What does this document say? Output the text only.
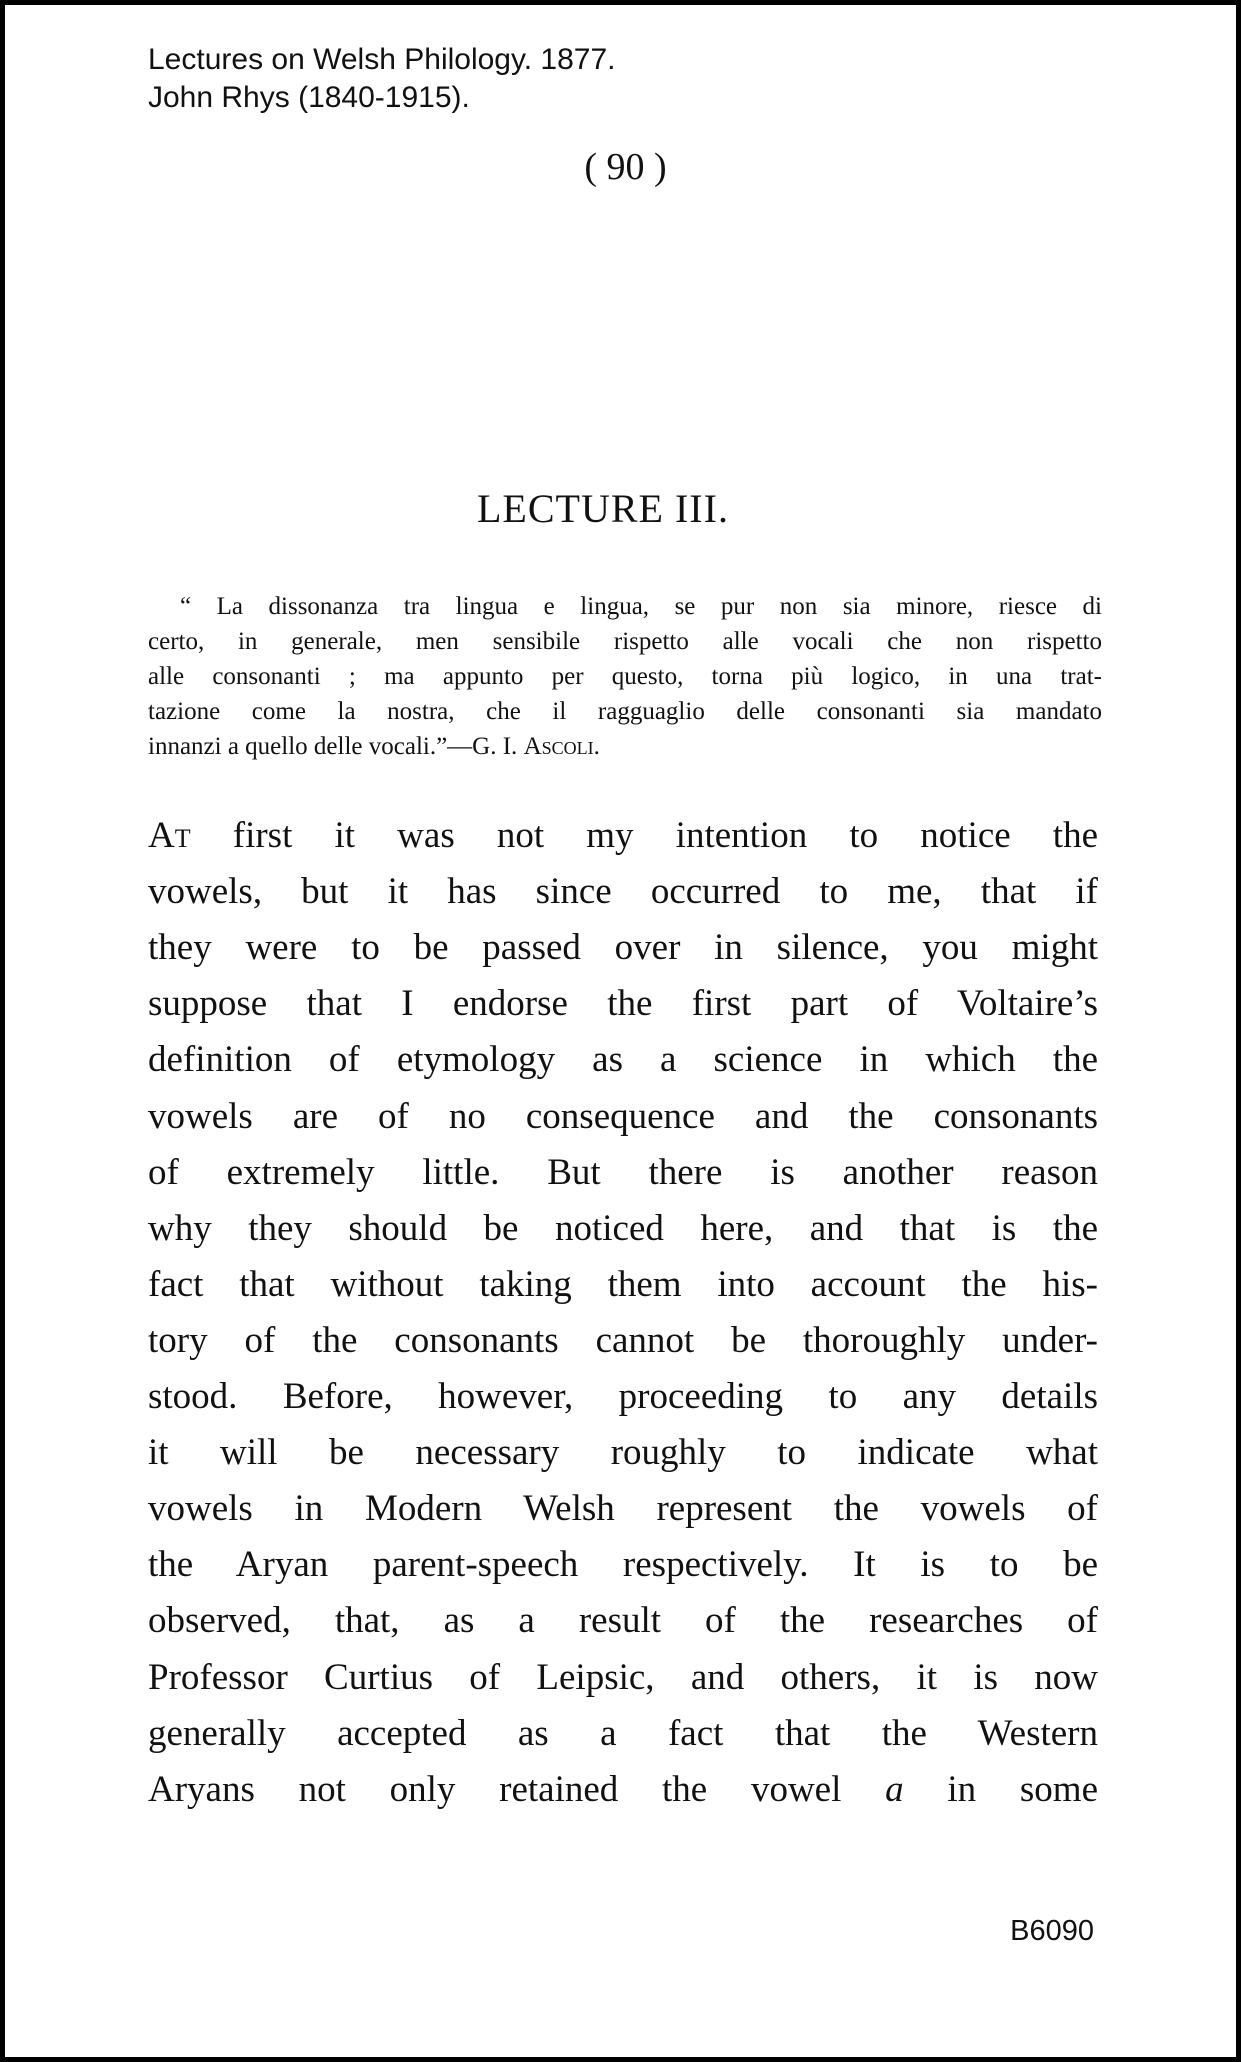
Lectures on Welsh Philology. 1877.
John Rhys (1840-1915).
( 90 )
LECTURE III.
“ La dissonanza tra lingua e lingua, se pur non sia minore, riesce di
certo, in generale, men sensibile rispetto alle vocali che non rispetto
alle consonanti ; ma appunto per questo, torna più logico, in una trat-
tazione come la nostra, che il ragguaglio delle consonanti sia mandato
innanzi a quello delle vocali.”—G. I. Ascoli.
At first it was not my intention to notice the
vowels, but it has since occurred to me, that if
they were to be passed over in silence, you might
suppose that I endorse the first part of Voltaire’s
definition of etymology as a science in which the
vowels are of no consequence and the consonants
of extremely little. But there is another reason
why they should be noticed here, and that is the
fact that without taking them into account the his-
tory of the consonants cannot be thoroughly under-
stood. Before, however, proceeding to any details
it will be necessary roughly to indicate what
vowels in Modern Welsh represent the vowels of
the Aryan parent-speech respectively. It is to be
observed, that, as a result of the researches of
Professor Curtius of Leipsic, and others, it is now
generally accepted as a fact that the Western
Aryans not only retained the vowel a in some
B6090
